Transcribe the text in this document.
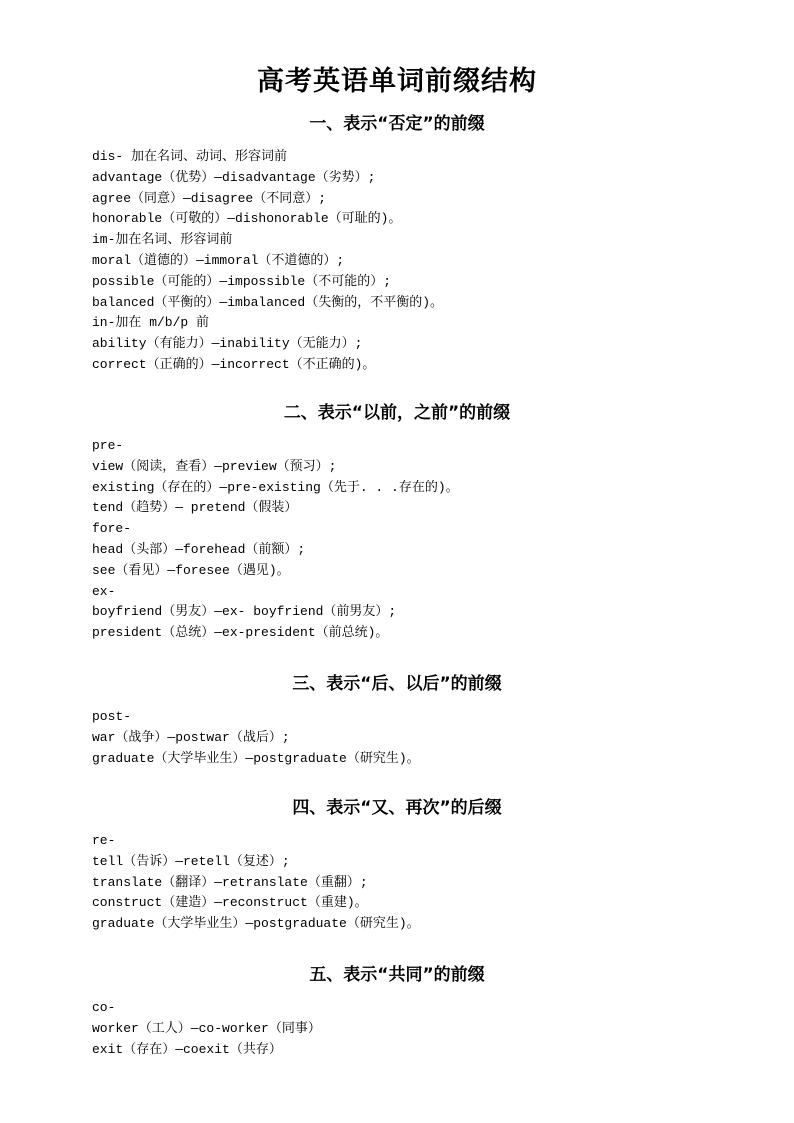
高考英语单词前缀结构
一、表示“否定”的前缀

dis- 加在名词、动词、形容词前

advantage（优势）—disadvantage（劣势）;

agree（同意）—disagree（不同意）;

honorable（可敬的）—dishonorable（可耻的)。

im-加在名词、形容词前

moral（道德的）—immoral（不道德的）;

possible（可能的）—impossible（不可能的）;

balanced（平衡的）—imbalanced（失衡的，不平衡的)。

in-加在 m/b/p 前

ability（有能力）—inability（无能力）;

correct（正确的）—incorrect（不正确的)。

二、表示“以前，之前”的前缀

pre-

view（阅读，查看）—preview（预习）;

existing（存在的）—pre-existing（先于. . .存在的)。

tend（趋势）— pretend（假装）

fore-

head（头部）—forehead（前额）;

see（看见）—foresee（遇见)。

ex-

boyfriend（男友）—ex- boyfriend（前男友）;

president（总统）—ex-president（前总统)。

三、表示“后、以后”的前缀

post-

war（战争）—postwar（战后）;

graduate（大学毕业生）—postgraduate（研究生)。

四、表示“又、再次”的后缀

re-

tell（告诉）—retell（复述）;

translate（翻译）—retranslate（重翻）;

construct（建造）—reconstruct（重建)。

graduate（大学毕业生）—postgraduate（研究生)。

五、表示“共同”的前缀

co-

worker（工人）—co-worker（同事）

exit（存在）—coexit（共存）
